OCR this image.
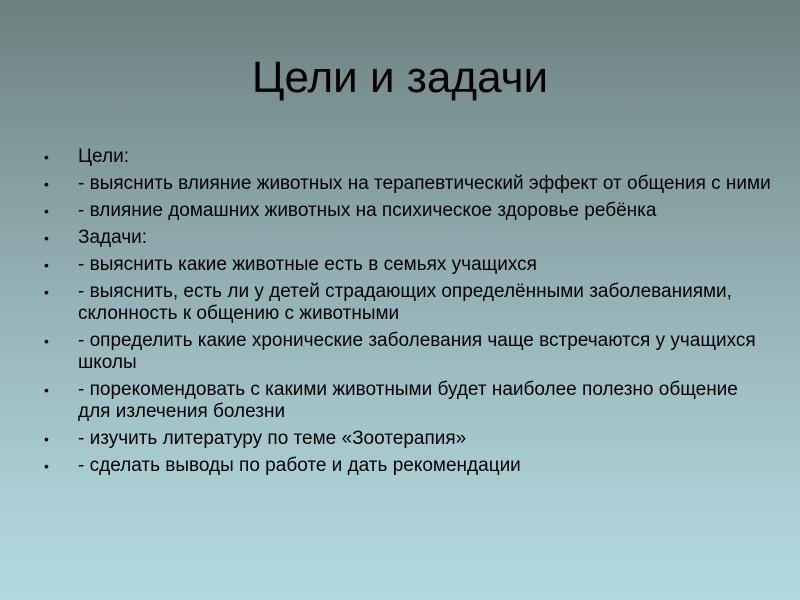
Цели и задачи
• Цели:
• - выяснить влияние животных на терапевтический эффект от общения с ними
• - влияние домашних животных на психическое здоровье ребёнка
• Задачи:
• - выяснить какие животные есть в семьях учащихся
• - выяснить, есть ли у детей страдающих определёнными заболеваниями, склонность к общению с животными
• - определить какие хронические заболевания чаще встречаются у учащихся школы
• - порекомендовать с какими животными будет наиболее полезно общение для излечения болезни
• - изучить литературу по теме «Зоотерапия»
• - сделать выводы по работе и дать рекомендации
